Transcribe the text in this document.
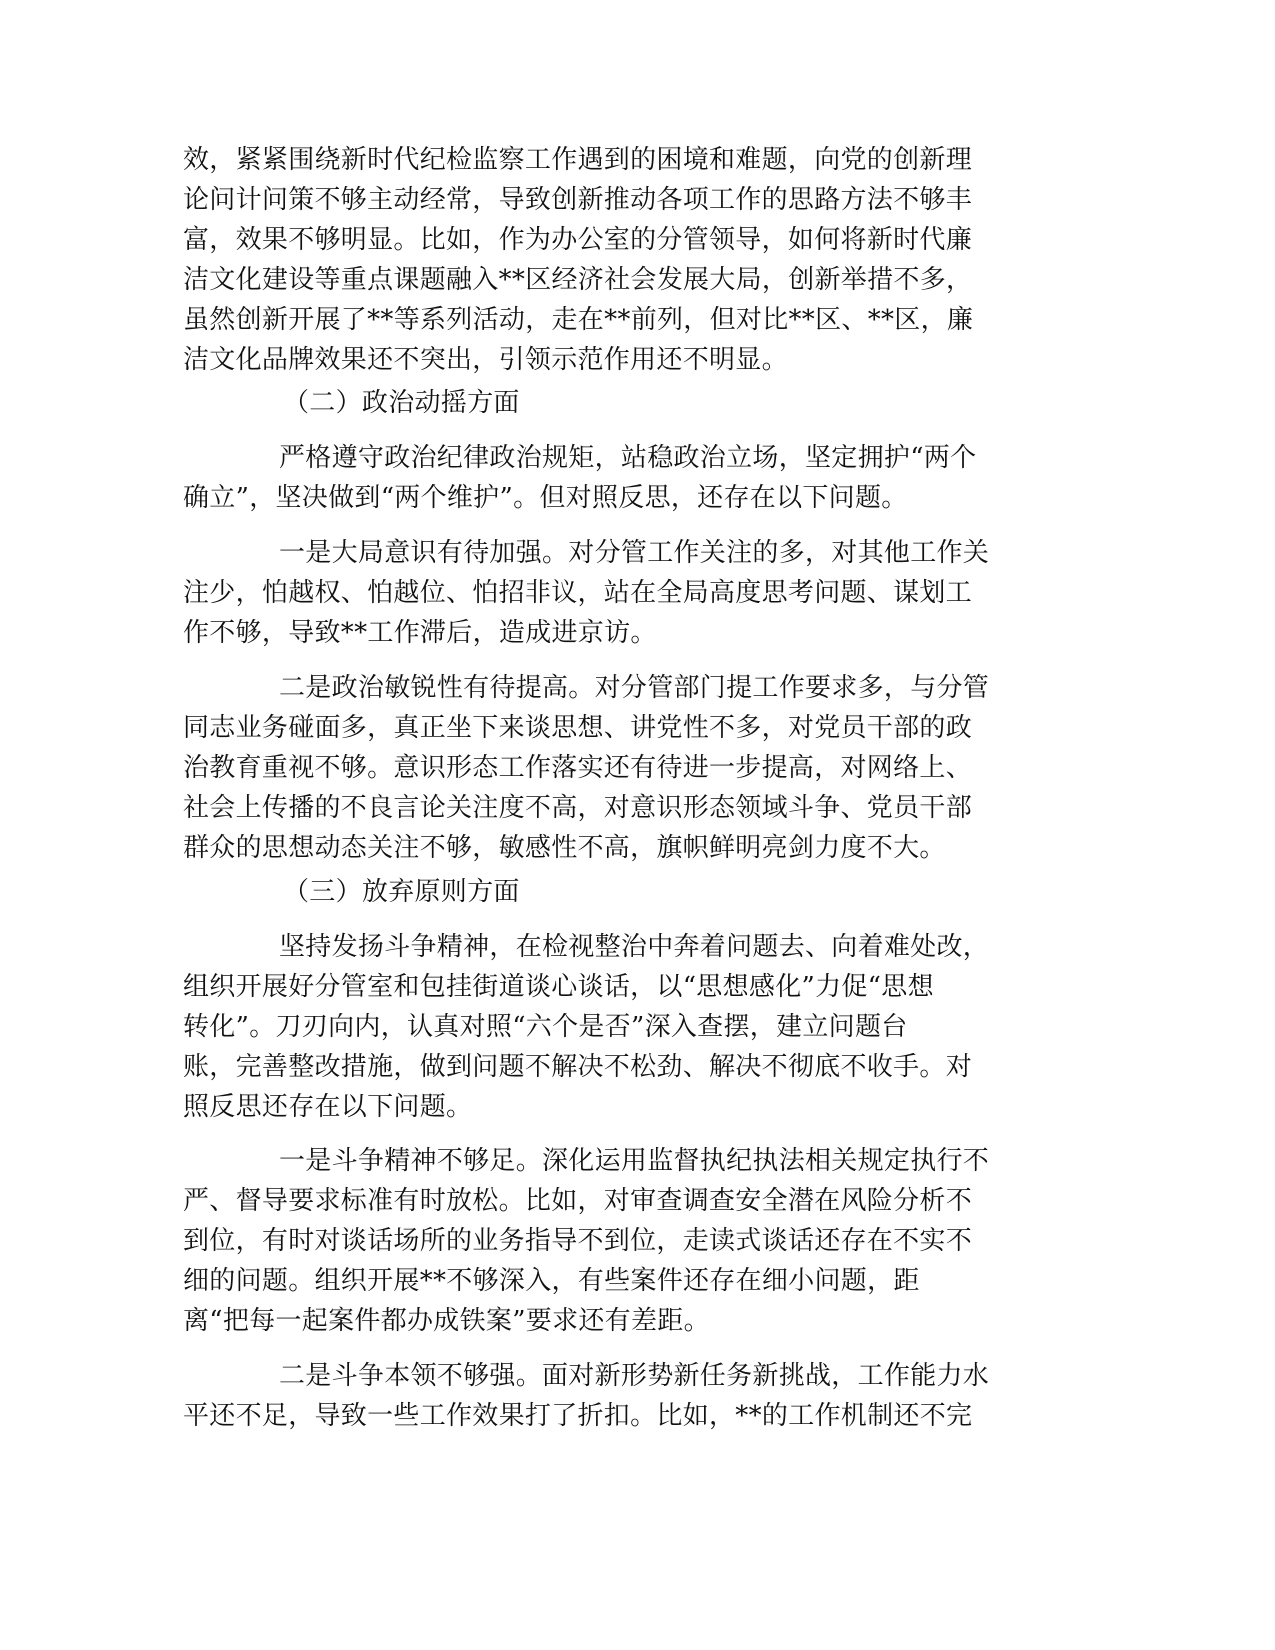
效，紧紧围绕新时代纪检监察工作遇到的困境和难题，向党的创新理

论问计问策不够主动经常，导致创新推动各项工作的思路方法不够丰

富，效果不够明显。比如，作为办公室的分管领导，如何将新时代廉

洁文化建设等重点课题融入**区经济社会发展大局，创新举措不多，

虽然创新开展了**等系列活动，走在**前列，但对比**区、**区，廉

洁文化品牌效果还不突出，引领示范作用还不明显。

（二）政治动摇方面

严格遵守政治纪律政治规矩，站稳政治立场，坚定拥护“两个

确立”，坚决做到“两个维护”。但对照反思，还存在以下问题。

一是大局意识有待加强。对分管工作关注的多，对其他工作关

注少，怕越权、怕越位、怕招非议，站在全局高度思考问题、谋划工

作不够，导致**工作滞后，造成进京访。

二是政治敏锐性有待提高。对分管部门提工作要求多，与分管

同志业务碰面多，真正坐下来谈思想、讲党性不多，对党员干部的政

治教育重视不够。意识形态工作落实还有待进一步提高，对网络上、

社会上传播的不良言论关注度不高，对意识形态领域斗争、党员干部

群众的思想动态关注不够，敏感性不高，旗帜鲜明亮剑力度不大。

（三）放弃原则方面

坚持发扬斗争精神，在检视整治中奔着问题去、向着难处改，

组织开展好分管室和包挂街道谈心谈话，以“思想感化”力促“思想

转化”。刀刃向内，认真对照“六个是否”深入查摆，建立问题台

账，完善整改措施，做到问题不解决不松劲、解决不彻底不收手。对

照反思还存在以下问题。

一是斗争精神不够足。深化运用监督执纪执法相关规定执行不

严、督导要求标准有时放松。比如，对审查调查安全潜在风险分析不

到位，有时对谈话场所的业务指导不到位，走读式谈话还存在不实不

细的问题。组织开展**不够深入，有些案件还存在细小问题，距

离“把每一起案件都办成铁案”要求还有差距。

二是斗争本领不够强。面对新形势新任务新挑战，工作能力水

平还不足，导致一些工作效果打了折扣。比如，**的工作机制还不完
